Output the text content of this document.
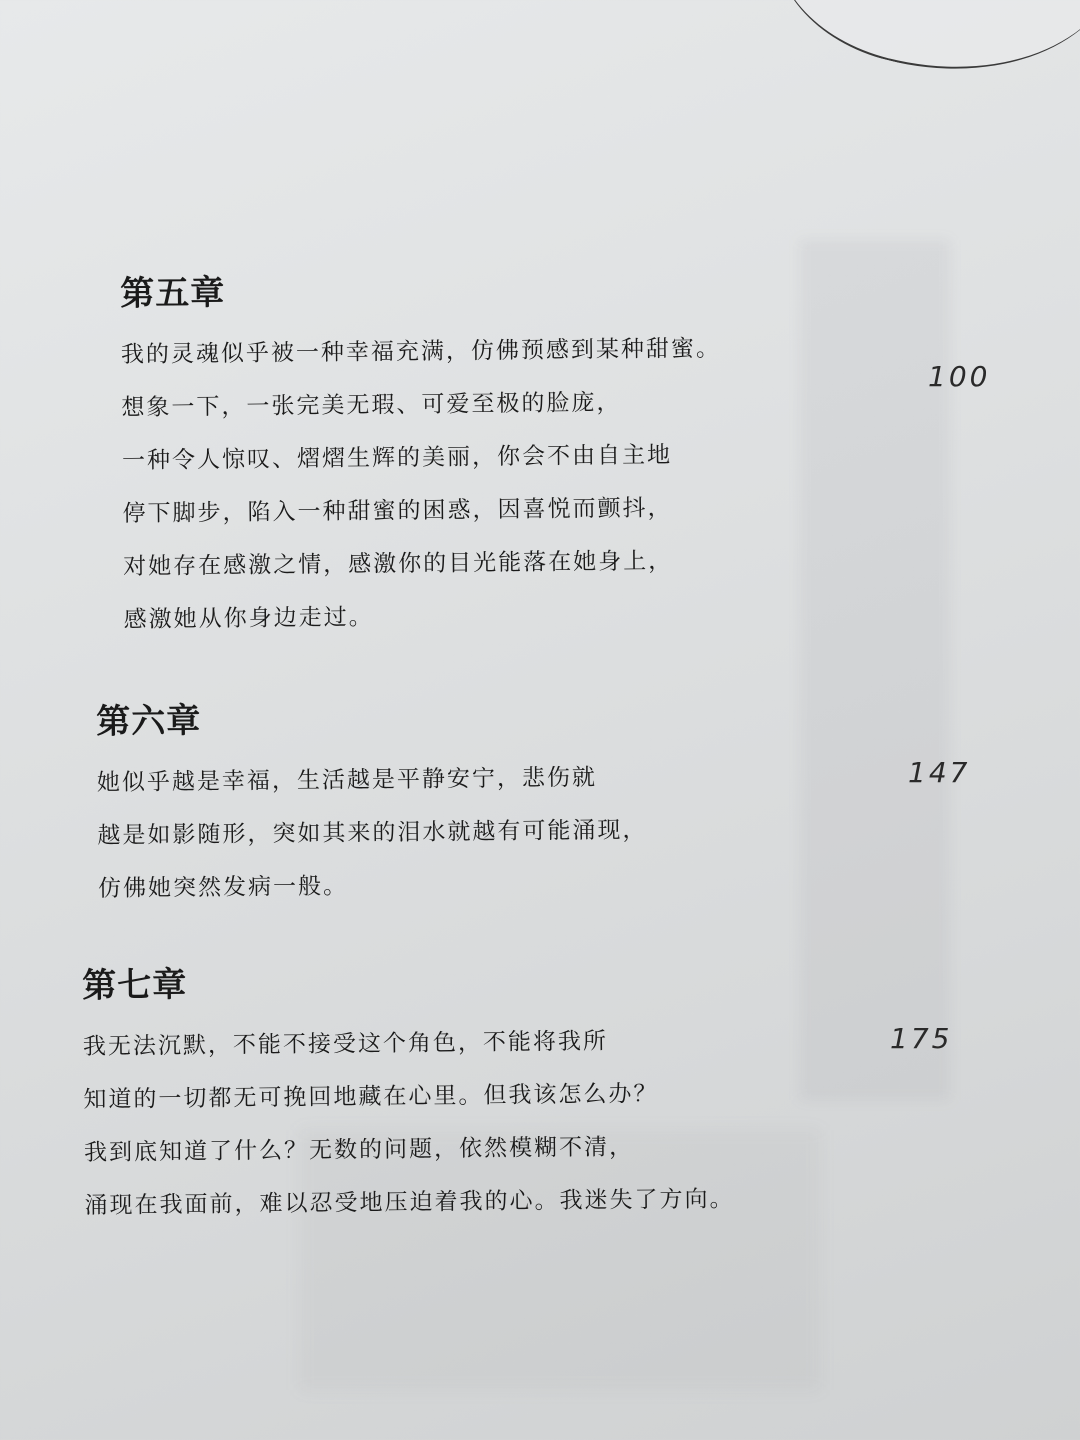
第五章
我的灵魂似乎被一种幸福充满，仿佛预感到某种甜蜜。
想象一下，一张完美无瑕、可爱至极的脸庞，
一种令人惊叹、熠熠生辉的美丽，你会不由自主地
停下脚步，陷入一种甜蜜的困惑，因喜悦而颤抖，
对她存在感激之情，感激你的目光能落在她身上，
感激她从你身边走过。
100
第六章
她似乎越是幸福，生活越是平静安宁，悲伤就
越是如影随形，突如其来的泪水就越有可能涌现，
仿佛她突然发病一般。
147
第七章
我无法沉默，不能不接受这个角色，不能将我所
知道的一切都无可挽回地藏在心里。但我该怎么办？
我到底知道了什么？无数的问题，依然模糊不清，
涌现在我面前，难以忍受地压迫着我的心。我迷失了方向。
175
